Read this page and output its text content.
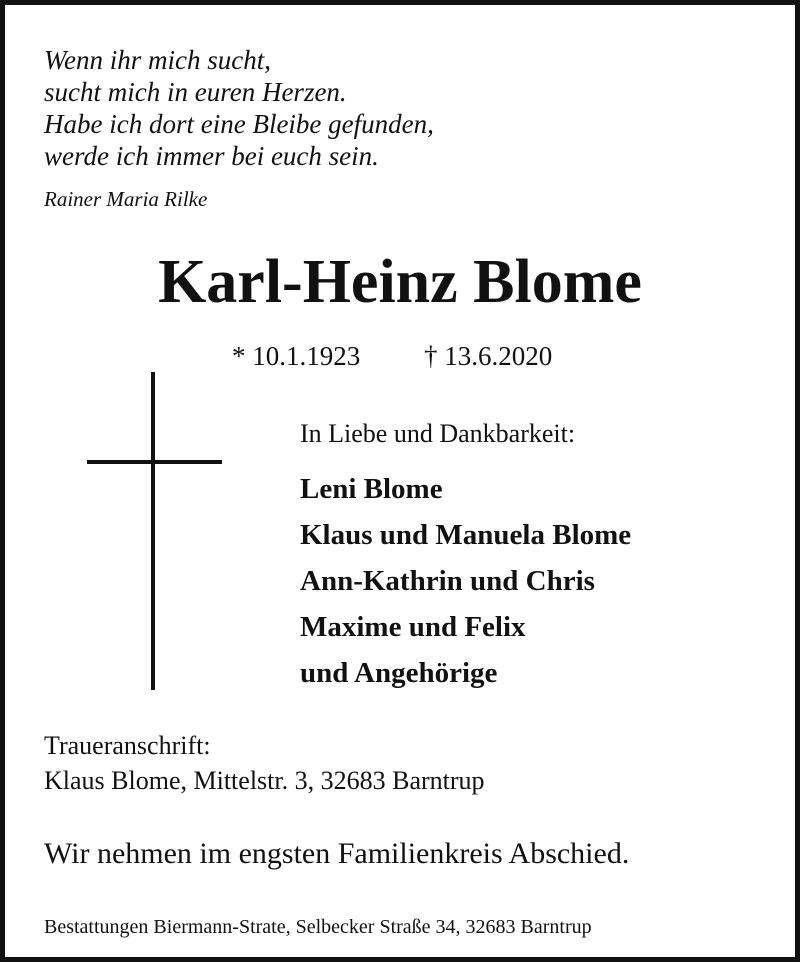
Wenn ihr mich sucht,
sucht mich in euren Herzen.
Habe ich dort eine Bleibe gefunden,
werde ich immer bei euch sein.
Rainer Maria Rilke
Karl-Heinz Blome
* 10.1.1923 † 13.6.2020
In Liebe und Dankbarkeit:
Leni Blome
Klaus und Manuela Blome
Ann-Kathrin und Chris
Maxime und Felix
und Angehörige
Traueranschrift:
Klaus Blome, Mittelstr. 3, 32683 Barntrup
Wir nehmen im engsten Familienkreis Abschied.
Bestattungen Biermann-Strate, Selbecker Straße 34, 32683 Barntrup
